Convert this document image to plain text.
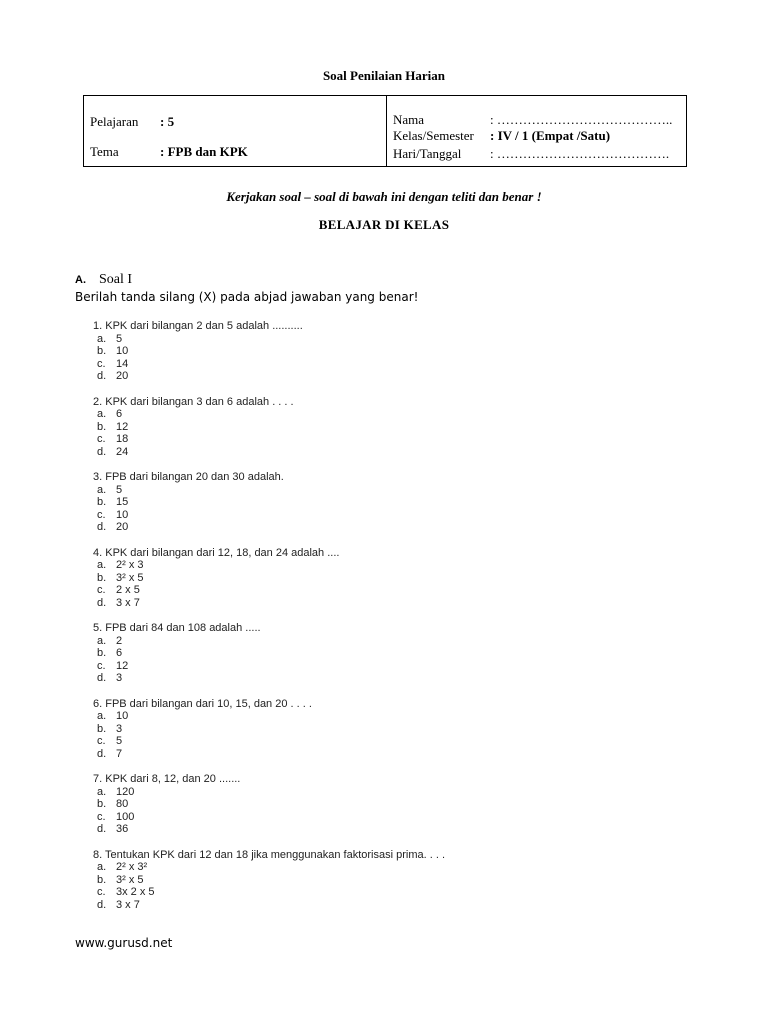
Soal Penilaian Harian
Pelajaran : 5
Tema	: FPB dan KPK
Nama	: …………………………………..
Kelas/Semester : IV / 1 (Empat /Satu)
Hari/Tanggal : ………………………………….
Kerjakan soal – soal di bawah ini dengan teliti dan benar !
BELAJAR DI KELAS
A. Soal I
Berilah tanda silang (X) pada abjad jawaban yang benar!
1. KPK dari bilangan 2 dan 5 adalah ..........
a. 5
b. 10
c. 14
d. 20
2. KPK dari bilangan 3 dan 6 adalah . . . .
a. 6
b. 12
c. 18
d. 24
3. FPB dari bilangan 20 dan 30 adalah.
a. 5
b. 15
c. 10
d. 20
4. KPK dari bilangan dari 12, 18, dan 24 adalah ....
a. 2² x 3
b. 3² x 5
c. 2 x 5
d. 3 x 7
5. FPB dari 84 dan 108 adalah .....
a. 2
b. 6
c. 12
d. 3
6. FPB dari bilangan dari 10, 15, dan 20 . . . .
a. 10
b. 3
c. 5
d. 7
7. KPK dari 8, 12, dan 20 .......
a. 120
b. 80
c. 100
d. 36
8. Tentukan KPK dari 12 dan 18 jika menggunakan faktorisasi prima. . . .
a. 2² x 3²
b. 3² x 5
c. 3x 2 x 5
d. 3 x 7
www.gurusd.net
